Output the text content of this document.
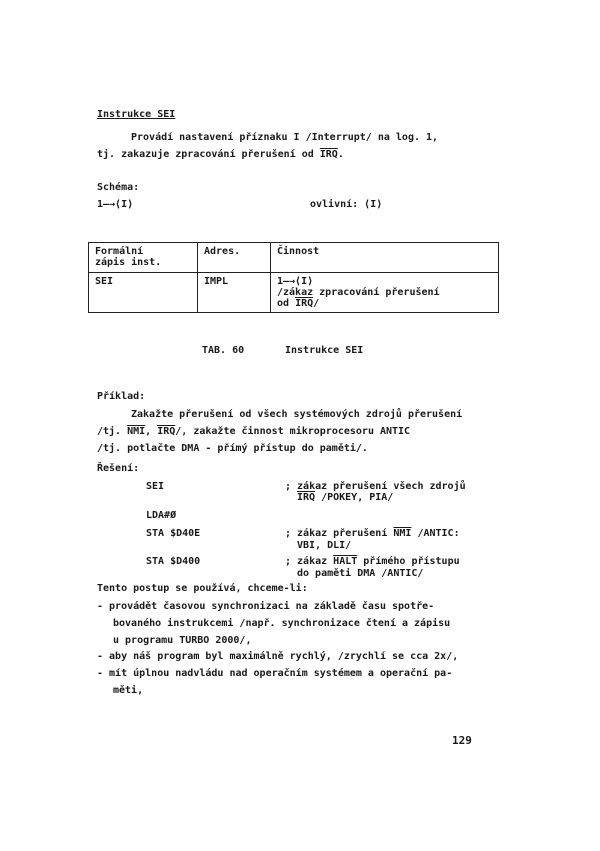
Instrukce SEI
Provádí nastavení příznaku I /Interrupt/ na log. 1,
tj. zakazuje zpracování přerušení od $\overline{IRQ}$.
Schéma:
1—→⟨I⟩	ovlivní: ⟨I⟩
Formální
zápis inst.	Adres.	Činnost
SEI	IMPL	1—→⟨I⟩
/zákaz zpracování přerušení
od $\overline{IRQ}/$
TAB. 60	Instrukce SEI
Příklad:
Zakažte přerušení od všech systémových zdrojů přerušení
/tj. $\overline{NMI}$, $\overline{IRQ}/$, zakažte činnost mikroprocesoru ANTIC
/tj. potlačte DMA - přímý přístup do paměti/.
Řešení:
SEI	; zákaz přerušení všech zdrojů
$\overline{IRQ}$ /POKEY, PIA/
LDA#Ø
STA $D40E	; zákaz přerušení $\overline{NMI}$ /ANTIC:
VBI, DLI/
STA $D400	; zákaz HALT přímého přístupu
do paměti DMA /ANTIC/
Tento postup se používá, chceme-li:
- provádět časovou synchronizaci na základě času spotře-
bovaného instrukcemi /např. synchronizace čtení a zápisu
u programu TURBO 2000/,
- aby náš program byl maximálně rychlý, /zrychlí se cca 2x/,
- mít úplnou nadvládu nad operačním systémem a operační pa-
měti,
129
